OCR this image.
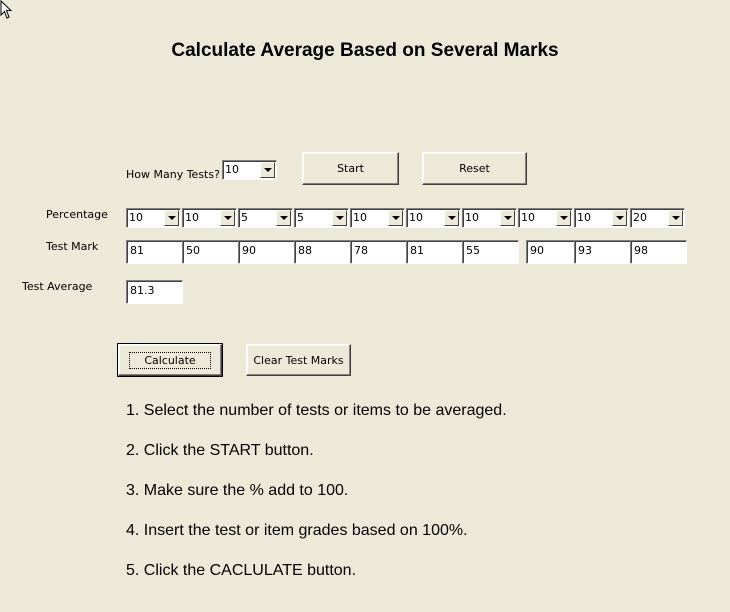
Calculate Average Based on Several Marks
How Many Tests? 10	Start	Reset
Percentage 10	10	5	5	10	10	10	10	10	20
Test Mark	81	50	90	88	78	81	55	90	93	98
Test Average	81.3
Calculate	Clear Test Marks
1. Select the number of tests or items to be averaged.
2. Click the START button.
3. Make sure the % add to 100.
4. Insert the test or item grades based on 100%.
5. Click the CACLULATE button.
